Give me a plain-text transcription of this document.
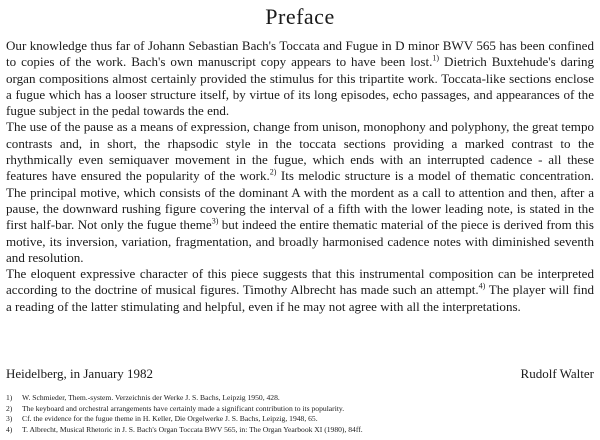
Preface

Our knowledge thus far of Johann Sebastian Bach's Toccata and Fugue in D minor BWV 565 has been confined to copies of the work. Bach's own manuscript copy appears to have been lost.$^{1)}$ Dietrich Buxtehude's daring organ compositions almost certainly provided the stimulus for this tripartite work. Toccata-like sections enclose a fugue which has a looser structure itself, by virtue of its long episodes, echo passages, and appearances of the fugue subject in the pedal towards the end.

The use of the pause as a means of expression, change from unison, monophony and polyphony, the great tempo contrasts and, in short, the rhapsodic style in the toccata sections providing a marked contrast to the rhythmically even semiquaver movement in the fugue, which ends with an interrupted cadence - all these features have ensured the popularity of the work.$^{2)}$ Its melodic structure is a model of thematic concentration. The principal motive, which consists of the dominant A with the mordent as a call to attention and then, after a pause, the downward rushing figure covering the interval of a fifth with the lower leading note, is stated in the first half-bar. Not only the fugue theme$^{3)}$ but indeed the entire thematic material of the piece is derived from this motive, its inversion, variation, fragmentation, and broadly harmonised cadence notes with diminished seventh and resolution.

The eloquent expressive character of this piece suggests that this instrumental composition can be interpreted according to the doctrine of musical figures. Timothy Albrecht has made such an attempt.$^{4)}$ The player will find a reading of the latter stimulating and helpful, even if he may not agree with all the interpretations.

Heidelberg, in January 1982	Rudolf Walter
1)	W. Schmieder, Them.-system. Verzeichnis der Werke J. S. Bachs, Leipzig 1950, 428.
2)	The keyboard and orchestral arrangements have certainly made a significant contribution to its popularity.
3)	Cf. the evidence for the fugue theme in H. Keller, Die Orgelwerke J. S. Bachs, Leipzig, 1948, 65.
4)	T. Albrecht, Musical Rhetoric in J. S. Bach's Organ Toccata BWV 565, in: The Organ Yearbook XI (1980), 84ff.
